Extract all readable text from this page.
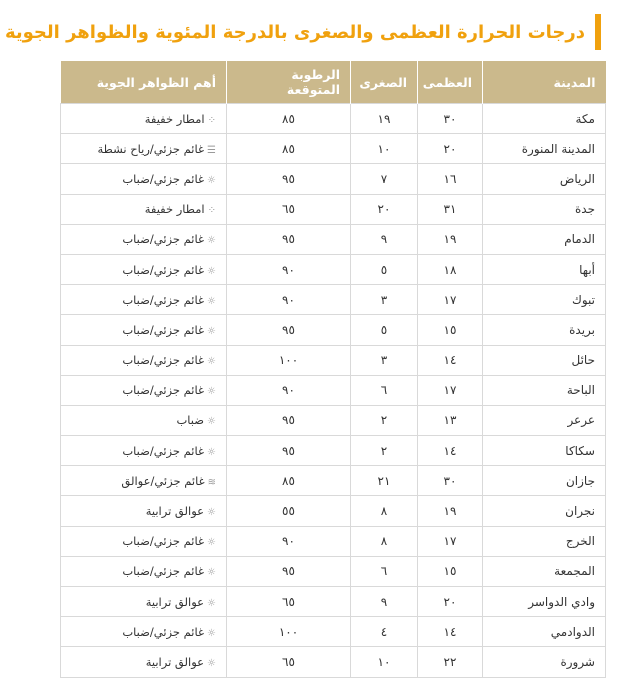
درجات الحرارة العظمى والصغرى بالدرجة المئوية والظواهر الجوية
المدينة	العظمى	الصغرى	الرطوبة المتوقعة	أهم الظواهر الجوية
مكة	٣٠	١٩	٨٥	⁘امطار خفيفة
المدينة المنورة	٢٠	١٠	٨٥	☰غائم جزئي/رياح نشطة
الرياض	١٦	٧	٩٥	☼غائم جزئي/ضباب
جدة	٣١	٢٠	٦٥	⁘امطار خفيفة
الدمام	١٩	٩	٩٥	☼غائم جزئي/ضباب
أبها	١٨	٥	٩٠	☼غائم جزئي/ضباب
تبوك	١٧	٣	٩٠	☼غائم جزئي/ضباب
بريدة	١٥	٥	٩٥	☼غائم جزئي/ضباب
حائل	١٤	٣	١٠٠	☼غائم جزئي/ضباب
الباحة	١٧	٦	٩٠	☼غائم جزئي/ضباب
عرعر	١٣	٢	٩٥	☼ضباب
سكاكا	١٤	٢	٩٥	☼غائم جزئي/ضباب
جازان	٣٠	٢١	٨٥	≋غائم جزئي/عوالق
نجران	١٩	٨	٥٥	☼عوالق ترابية
الخرج	١٧	٨	٩٠	☼غائم جزئي/ضباب
المجمعة	١٥	٦	٩٥	☼غائم جزئي/ضباب
وادي الدواسر	٢٠	٩	٦٥	☼عوالق ترابية
الدوادمي	١٤	٤	١٠٠	☼غائم جزئي/ضباب
شرورة	٢٢	١٠	٦٥	☼عوالق ترابية
